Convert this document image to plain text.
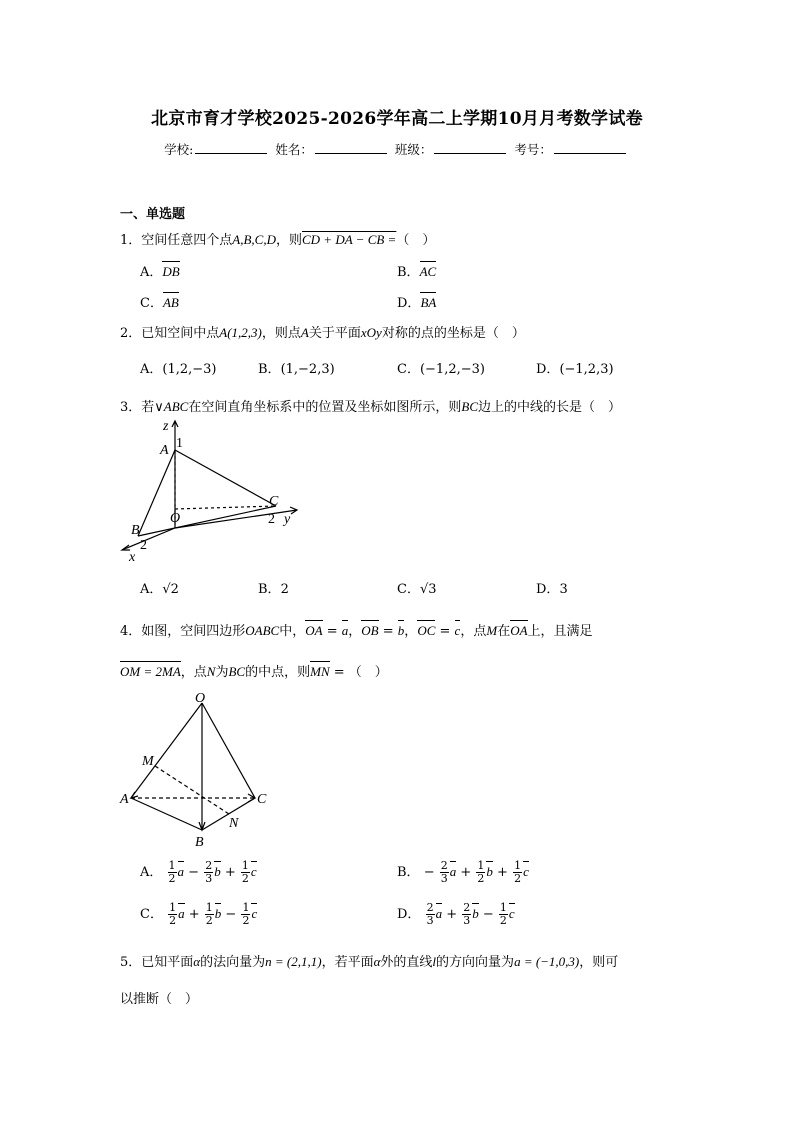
北京市育才学校2025-2026学年高二上学期10月月考数学试卷
学校:	姓名：	班级：	考号：
一、单选题
1．空间任意四个点A,B,C,D，则CD + DA − CB =（　）
A．DB	B．AC
C．AB	D．BA
2．已知空间中点A(1,2,3)，则点A关于平面xOy对称的点的坐标是（　）
A．(1,2,−3)	B．(1,−2,3)	C．(−1,2,−3)	D．(−1,2,3)
3．若∨ABC在空间直角坐标系中的位置及坐标如图所示，则BC边上的中线的长是（　）
z
A 1
O
C
2 y
B
2
x
A．√2	B．2	C．√3	D．3
4．如图，空间四边形OABC中，OA = a，OB = b，OC = c，点M在OA上，且满足
OM = 2MA，点N为BC的中点，则MN = （　）
O
M
A	C
N
B
A． $\frac{1}{2}$ $a - \frac{2}{3}$ $b + \frac{1}{2}$ c	B． − $\frac{2}{3}$ $a + \frac{1}{2}$ $b + \frac{1}{2}$ c
C． $\frac{1}{2}$ $a + \frac{1}{2}$ $b - \frac{1}{2}$ c	D． $\frac{2}{3}$ $a + \frac{2}{3}$ $b - \frac{1}{2}$ c
5．已知平面α的法向量为n = (2,1,1)，若平面α外的直线l的方向向量为a = (−1,0,3)，则可
以推断（　）
